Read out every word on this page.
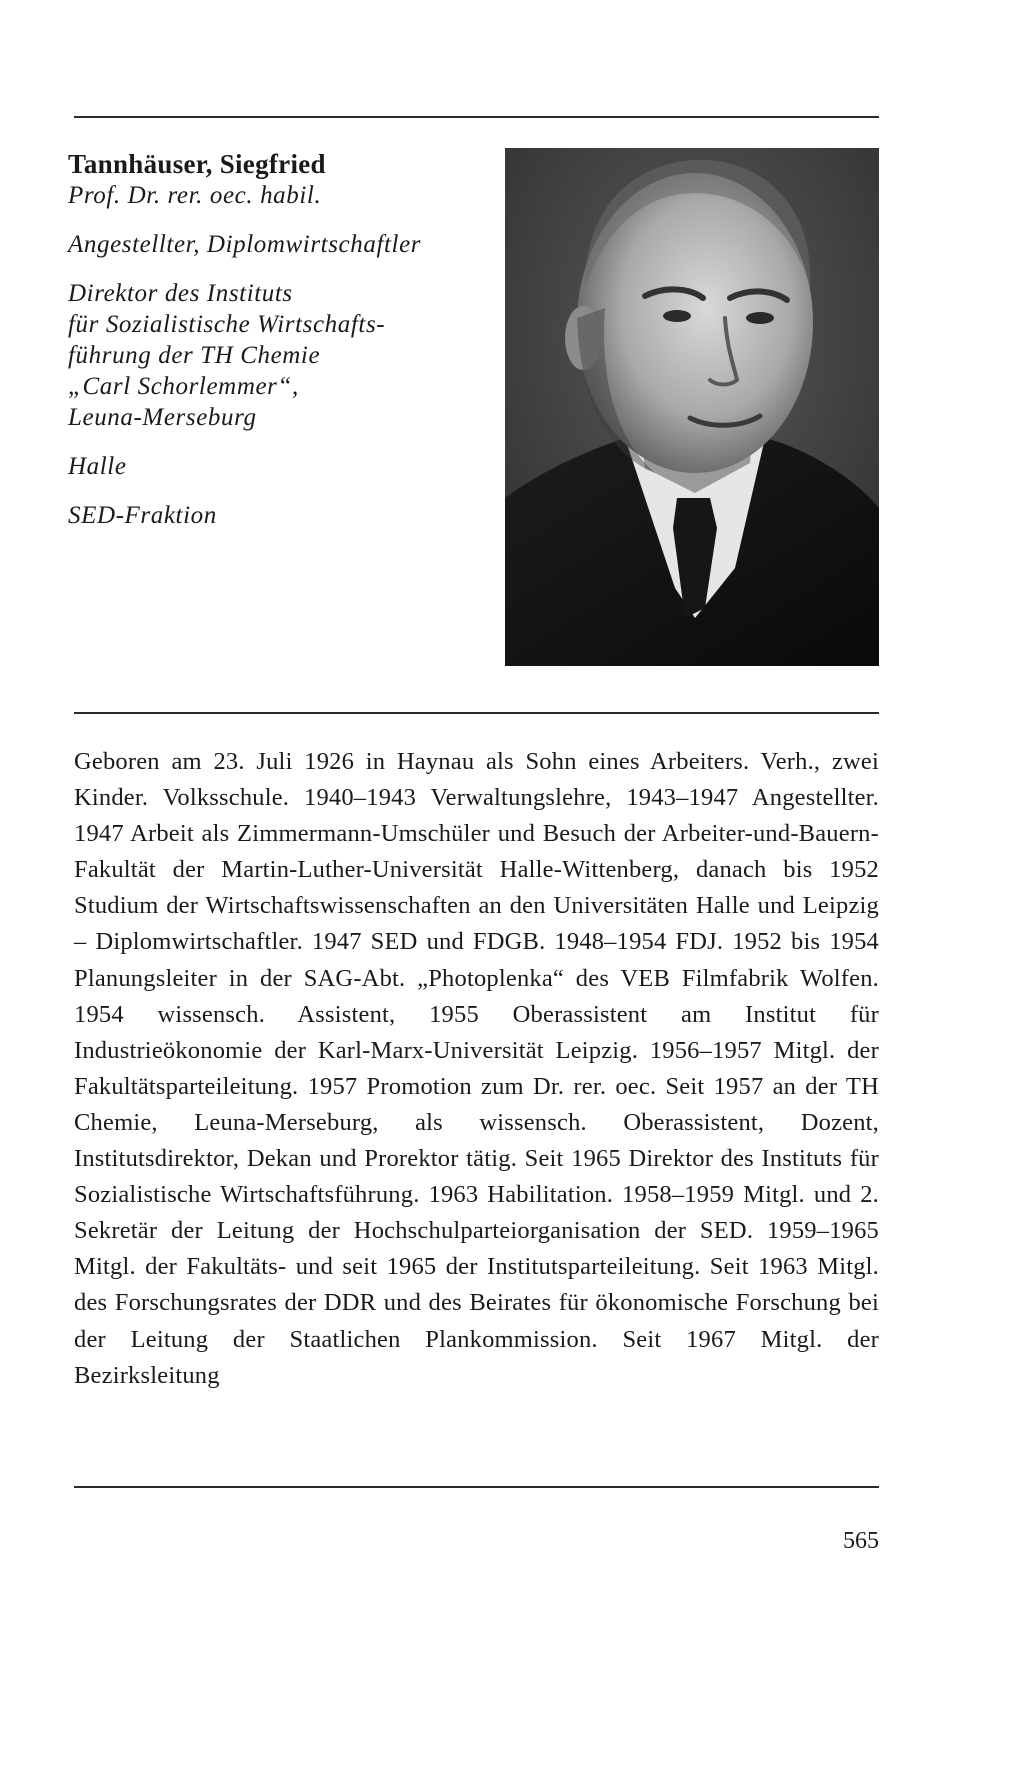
Tannhäuser, Siegfried

Prof. Dr. rer. oec. habil.

Angestellter, Diplomwirtschaftler

Direktor des Instituts

für Sozialistische Wirtschafts-

führung der TH Chemie

„Carl Schorlemmer“,

Leuna-Merseburg

Halle

SED-Fraktion

Geboren am 23. Juli 1926 in Haynau als Sohn eines Arbeiters. Verh., zwei Kinder. Volksschule. 1940–1943 Verwaltungslehre, 1943–1947 Angestellter. 1947 Arbeit als Zimmermann-Umschüler und Besuch der Arbeiter-und-Bauern-Fakultät der Martin-Luther-Universität Halle-Wittenberg, danach bis 1952 Studium der Wirtschaftswissenschaften an den Universitäten Halle und Leipzig – Diplomwirtschaftler. 1947 SED und FDGB. 1948–1954 FDJ. 1952 bis 1954 Planungsleiter in der SAG-Abt. „Photoplenka“ des VEB Filmfabrik Wolfen. 1954 wissensch. Assistent, 1955 Oberassistent am Institut für Industrieökonomie der Karl-Marx-Universität Leipzig. 1956–1957 Mitgl. der Fakultätsparteileitung. 1957 Promotion zum Dr. rer. oec. Seit 1957 an der TH Chemie, Leuna-Merseburg, als wissensch. Oberassistent, Dozent, Institutsdirektor, Dekan und Prorektor tätig. Seit 1965 Direktor des Instituts für Sozialistische Wirtschaftsführung. 1963 Habilitation. 1958–1959 Mitgl. und 2. Sekretär der Leitung der Hochschulparteiorganisation der SED. 1959–1965 Mitgl. der Fakultäts- und seit 1965 der Institutsparteileitung. Seit 1963 Mitgl. des Forschungsrates der DDR und des Beirates für ökonomische Forschung bei der Leitung der Staatlichen Plankommission. Seit 1967 Mitgl. der Bezirksleitung

565
